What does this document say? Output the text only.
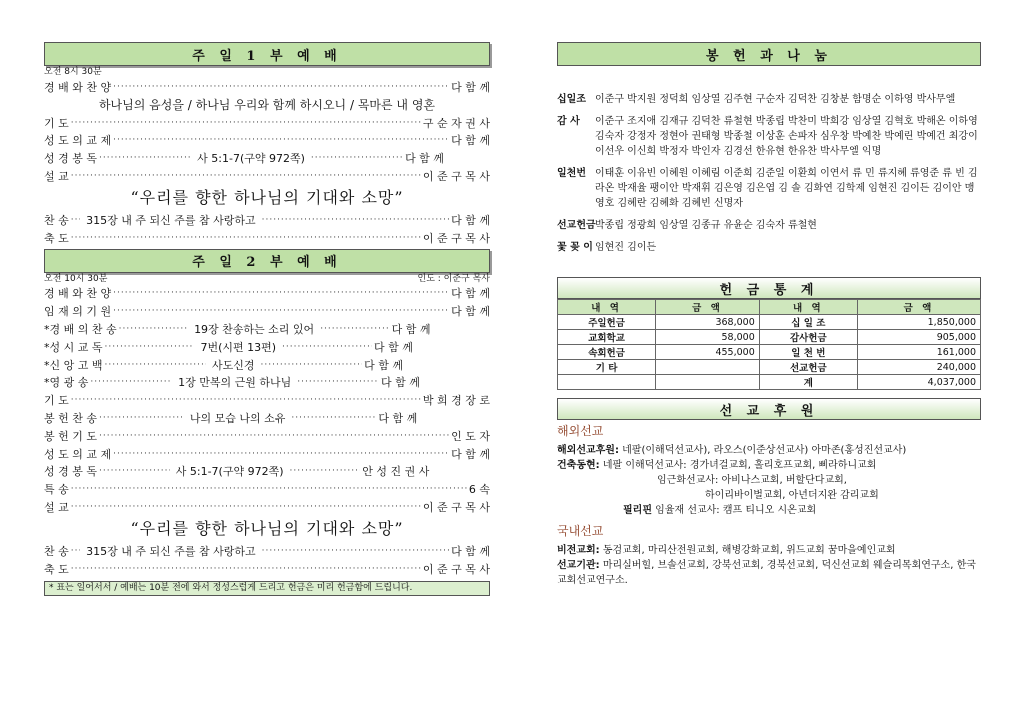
주 일 1 부 예 배
오전 8시 30분
경 배 와 찬 양 ·····	다 함 께
하나님의 음성을 / 하나님 우리와 함께 하시오니 / 목마른 내 영혼
기 도 ·····	구 순 자 권 사
성 도 의 교 제 ·····	다 함 께
성 경 봉 독 ·····	사 5:1-7(구약 972쪽) ·····	다 함 께
설 교 ·····	이 준 구 목 사
“우리를 향한 하나님의 기대와 소망”
찬 송 ·····	315장 내 주 되신 주를 참 사랑하고 ·····	다 함 께
축 도 ·····	이 준 구 목 사
주 일 2 부 예 배
오전 10시 30분	인도 : 이준구 목사
경 배 와 찬 양 ·····	다 함 께
임 재 의 기 원 ·····	다 함 께
*경 배 의 찬 송 ·····	19장 찬송하는 소리 있어 ·····	다 함 께
*성 시 교 독 ·····	7번(시편 13편) ·····	다 함 께
*신 앙 고 백 ·····	사도신경 ·····	다 함 께
*영 광 송 ·····	1장 만복의 근원 하나님 ·····	다 함 께
기 도 ·····	박 희 경 장 로
봉 헌 찬 송 ·····	나의 모습 나의 소유 ·····	다 함 께
봉 헌 기 도 ·····	인 도 자
성 도 의 교 제 ·····	다 함 께
성 경 봉 독 ·····	사 5:1-7(구약 972쪽) ·····	안 성 진 권 사
특 송 ·····	6 속
설 교 ·····	이 준 구 목 사
“우리를 향한 하나님의 기대와 소망”
찬 송 ·····	315장 내 주 되신 주를 참 사랑하고 ·····	다 함 께
축 도 ·····	이 준 구 목 사
* 표는 일어서서 / 예배는 10분 전에 와서 정성스럽게 드리고 헌금은 미리 헌금함에 드립니다.
봉 헌 과 나 눔
십일조 이준구 박지원 정덕희 임상열 김주현 구순자 김덕찬 김창분 함명순 이하영 박사무엘
감 사	이준구 조지애 김재규 김덕찬 류철현 박종립 박찬미 박희강 임상열 김혁호 박해온 이하영 김숙자 강정자 정현아 권태형 박종철 이상훈 손파자 심우창 박예찬 박예린 박예건 최강이 이선우 이신희 박정자 박인자 김경선 한유현 한유찬 박사무엘 익명
일천번 이태훈 이유빈 이혜원 이혜림 이준희 김준일 이환희 이연서 류 민 류지혜 류영준 류 빈 김라온 박재율 팽이안 박재휘 김은영 김은엽 김 솔 김화연 김학제 임현진 김이든 김이안 맹영호 김혜란 김혜화 김혜빈 신명자
선교헌금 박종립 정광희 임상열 김종규 유윤순 김숙자 류철현
꽃 꽂 이 임현진 김이든
헌 금 통 계
내 역	금 액	내 역	금 액
주일헌금	368,000	십 일 조	1,850,000
교회학교	58,000	감사헌금	905,000
속회헌금	455,000	일 천 번	161,000
기 타		선교헌금	240,000
		계	4,037,000
선 교 후 원
해외선교

해외선교후원: 네팔(이해덕선교사), 라오스(이준상선교사) 아마존(홍성진선교사)

건축동현: 네팔 이해덕선교사: 경가녀걸교회, 홀리호프교회, 삐라하니교회

임근화선교사: 아비나스교회, 버할단다교회,

하이리바이벌교회, 아년더지완 감리교회

필리핀 임율재 선교사: 캠프 티니오 시온교회

국내선교

비전교회: 동검교회, 마리산전원교회, 해병강화교회, 위드교회 꿈마을예인교회

선교기관: 마리실버힐, 브솔선교회, 강북선교회, 경북선교회, 덕신선교회 웨슬리목회연구소, 한국교회선교연구소.
